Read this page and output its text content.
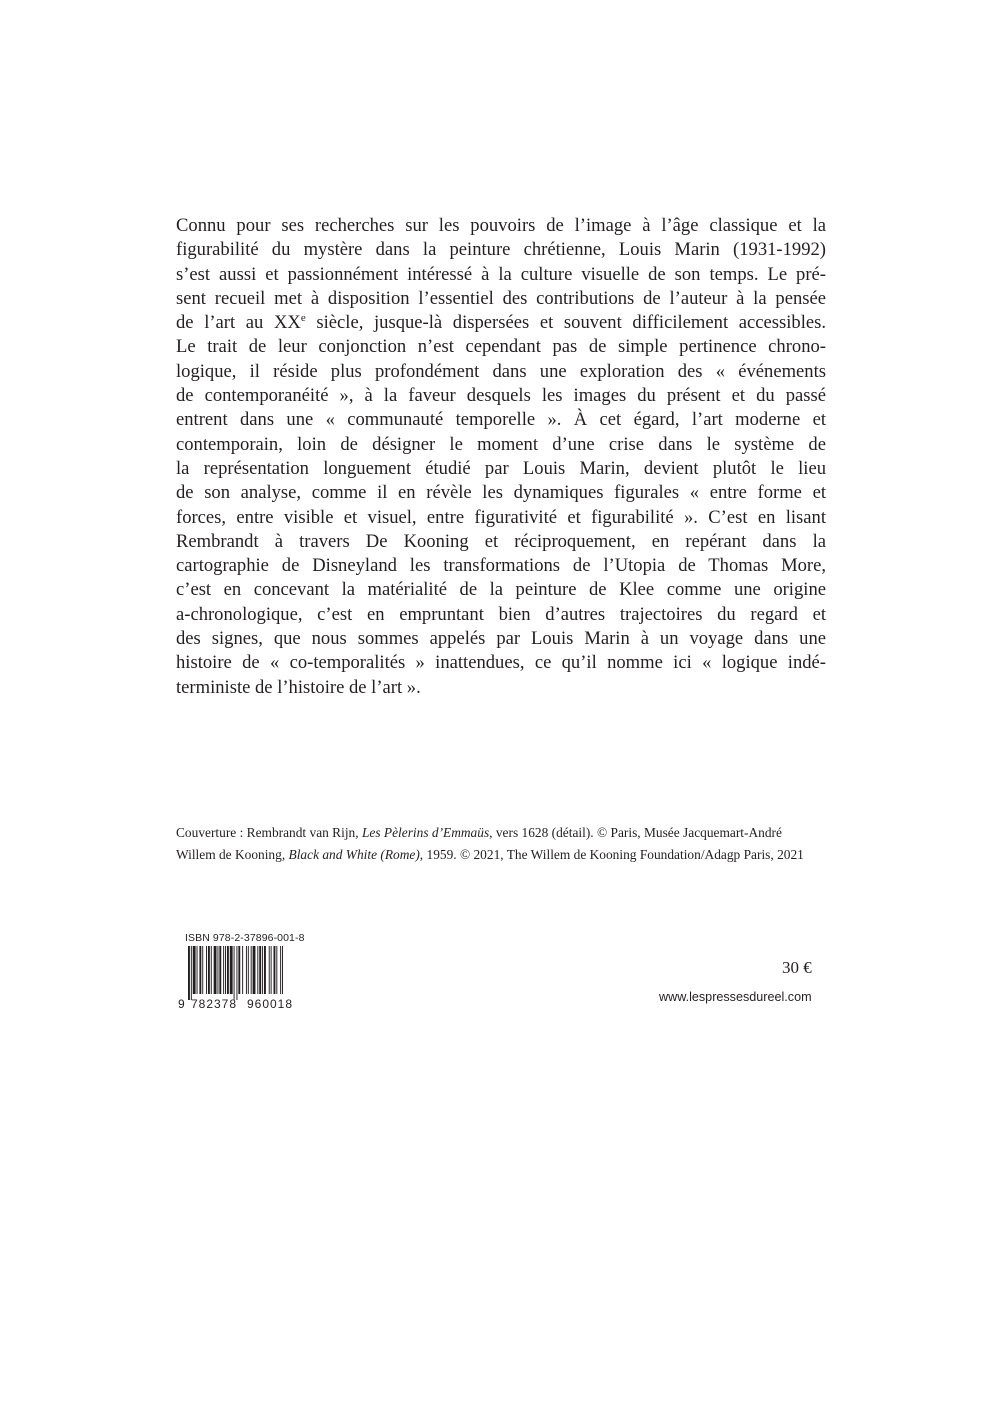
Connu pour ses recherches sur les pouvoirs de l’image à l’âge classique et la
figurabilité du mystère dans la peinture chrétienne, Louis Marin (1931-1992)
s’est aussi et passionnément intéressé à la culture visuelle de son temps. Le pré-
sent recueil met à disposition l’essentiel des contributions de l’auteur à la pensée
de l’art au XXe siècle, jusque-là dispersées et souvent difficilement accessibles.
Le trait de leur conjonction n’est cependant pas de simple pertinence chrono-
logique, il réside plus profondément dans une exploration des « événements
de contemporanéité », à la faveur desquels les images du présent et du passé
entrent dans une « communauté temporelle ». À cet égard, l’art moderne et
contemporain, loin de désigner le moment d’une crise dans le système de
la représentation longuement étudié par Louis Marin, devient plutôt le lieu
de son analyse, comme il en révèle les dynamiques figurales « entre forme et
forces, entre visible et visuel, entre figurativité et figurabilité ». C’est en lisant
Rembrandt à travers De Kooning et réciproquement, en repérant dans la
cartographie de Disneyland les transformations de l’Utopia de Thomas More,
c’est en concevant la matérialité de la peinture de Klee comme une origine
a-chronologique, c’est en empruntant bien d’autres trajectoires du regard et
des signes, que nous sommes appelés par Louis Marin à un voyage dans une
histoire de « co-temporalités » inattendues, ce qu’il nomme ici « logique indé-
terministe de l’histoire de l’art ».
Couverture : Rembrandt van Rijn, Les Pèlerins d’Emmaüs, vers 1628 (détail). © Paris, Musée Jacquemart-André
Willem de Kooning, Black and White (Rome), 1959. © 2021, The Willem de Kooning Foundation/Adagp Paris, 2021
ISBN 978-2-37896-001-8
9 782378 960018
30 €
www.lespressesdureel.com
